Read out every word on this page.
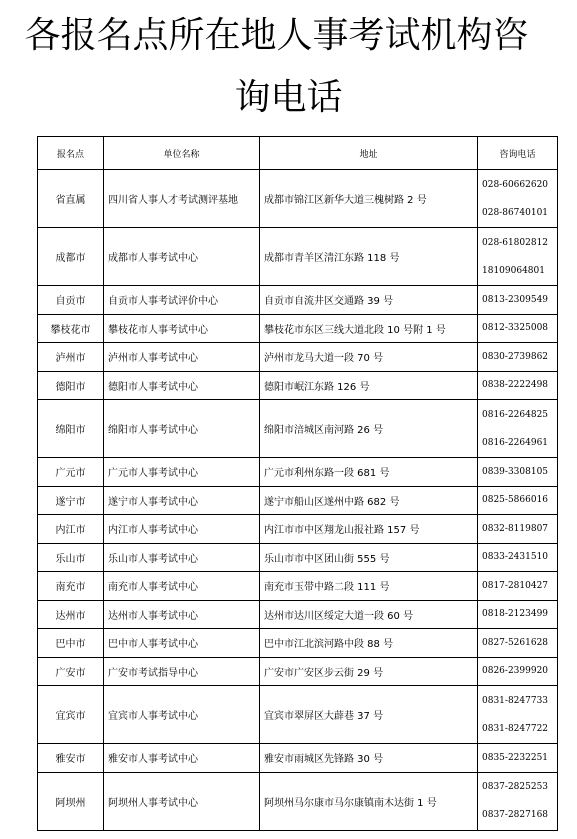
各报名点所在地人事考试机构咨
询电话
报名点	单位名称	地址	咨询电话
省直属	四川省人事人才考试测评基地	成都市锦江区新华大道三槐树路 2 号	028-60662620
028-86740101

成都市	成都市人事考试中心	成都市青羊区清江东路 118 号	028-61802812
18109064801

自贡市	自贡市人事考试评价中心	自贡市自流井区交通路 39 号	0813-2309549

攀枝花市	攀枝花市人事考试中心	攀枝花市东区三线大道北段 10 号附 1 号	0812-3325008

泸州市	泸州市人事考试中心	泸州市龙马大道一段 70 号	0830-2739862

德阳市	德阳市人事考试中心	德阳市岷江东路 126 号	0838-2222498

绵阳市	绵阳市人事考试中心	绵阳市涪城区南河路 26 号	0816-2264825
0816-2264961

广元市	广元市人事考试中心	广元市利州东路一段 681 号	0839-3308105

遂宁市	遂宁市人事考试中心	遂宁市船山区遂州中路 682 号	0825-5866016

内江市	内江市人事考试中心	内江市市中区翔龙山报社路 157 号	0832-8119807

乐山市	乐山市人事考试中心	乐山市市中区团山街 555 号	0833-2431510

南充市	南充市人事考试中心	南充市玉带中路二段 111 号	0817-2810427

达州市	达州市人事考试中心	达州市达川区绥定大道一段 60 号	0818-2123499

巴中市	巴中市人事考试中心	巴中市江北滨河路中段 88 号	0827-5261628

广安市	广安市考试指导中心	广安市广安区步云街 29 号	0826-2399920

宜宾市	宜宾市人事考试中心	宜宾市翠屏区大薜巷 37 号	0831-8247733
0831-8247722

雅安市	雅安市人事考试中心	雅安市雨城区先锋路 30 号	0835-2232251

阿坝州	阿坝州人事考试中心	阿坝州马尔康市马尔康镇南木达街 1 号	0837-2825253
0837-2827168
